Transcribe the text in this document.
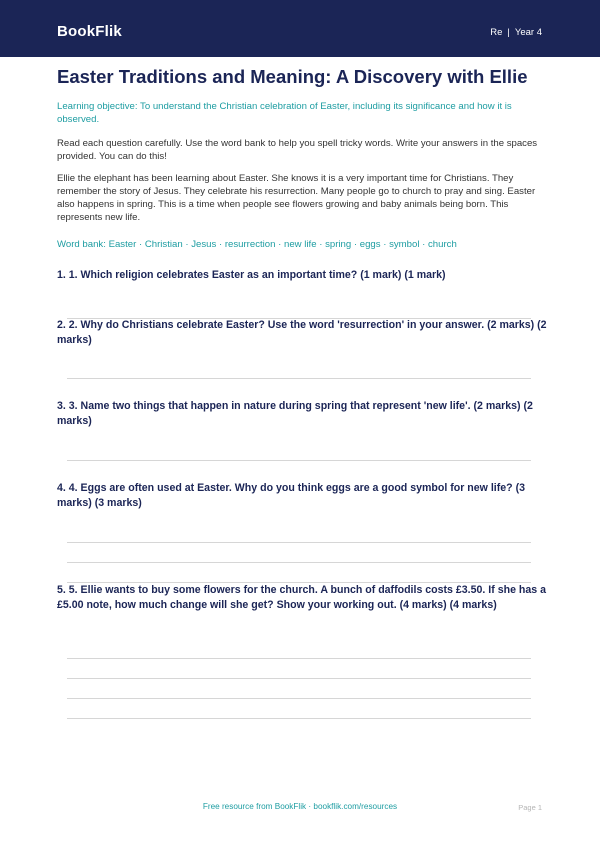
BookFlik	Re | Year 4
Easter Traditions and Meaning: A Discovery with Ellie

Learning objective: To understand the Christian celebration of Easter, including its significance and how it is observed.

Read each question carefully. Use the word bank to help you spell tricky words. Write your answers in the spaces provided. You can do this!

Ellie the elephant has been learning about Easter. She knows it is a very important time for Christians. They remember the story of Jesus. They celebrate his resurrection. Many people go to church to pray and sing. Easter also happens in spring. This is a time when people see flowers growing and baby animals being born. This represents new life.

Word bank: Easter · Christian · Jesus · resurrection · new life · spring · eggs · symbol · church

1. 1. Which religion celebrates Easter as an important time? (1 mark) (1 mark)
2. 2. Why do Christians celebrate Easter? Use the word 'resurrection' in your answer. (2 marks) (2 marks)
3. 3. Name two things that happen in nature during spring that represent 'new life'. (2 marks) (2 marks)
4. 4. Eggs are often used at Easter. Why do you think eggs are a good symbol for new life? (3 marks) (3 marks)
5. 5. Ellie wants to buy some flowers for the church. A bunch of daffodils costs £3.50. If she has a £5.00 note, how much change will she get? Show your working out. (4 marks) (4 marks)
Free resource from BookFlik · bookflik.com/resources	Page 1
